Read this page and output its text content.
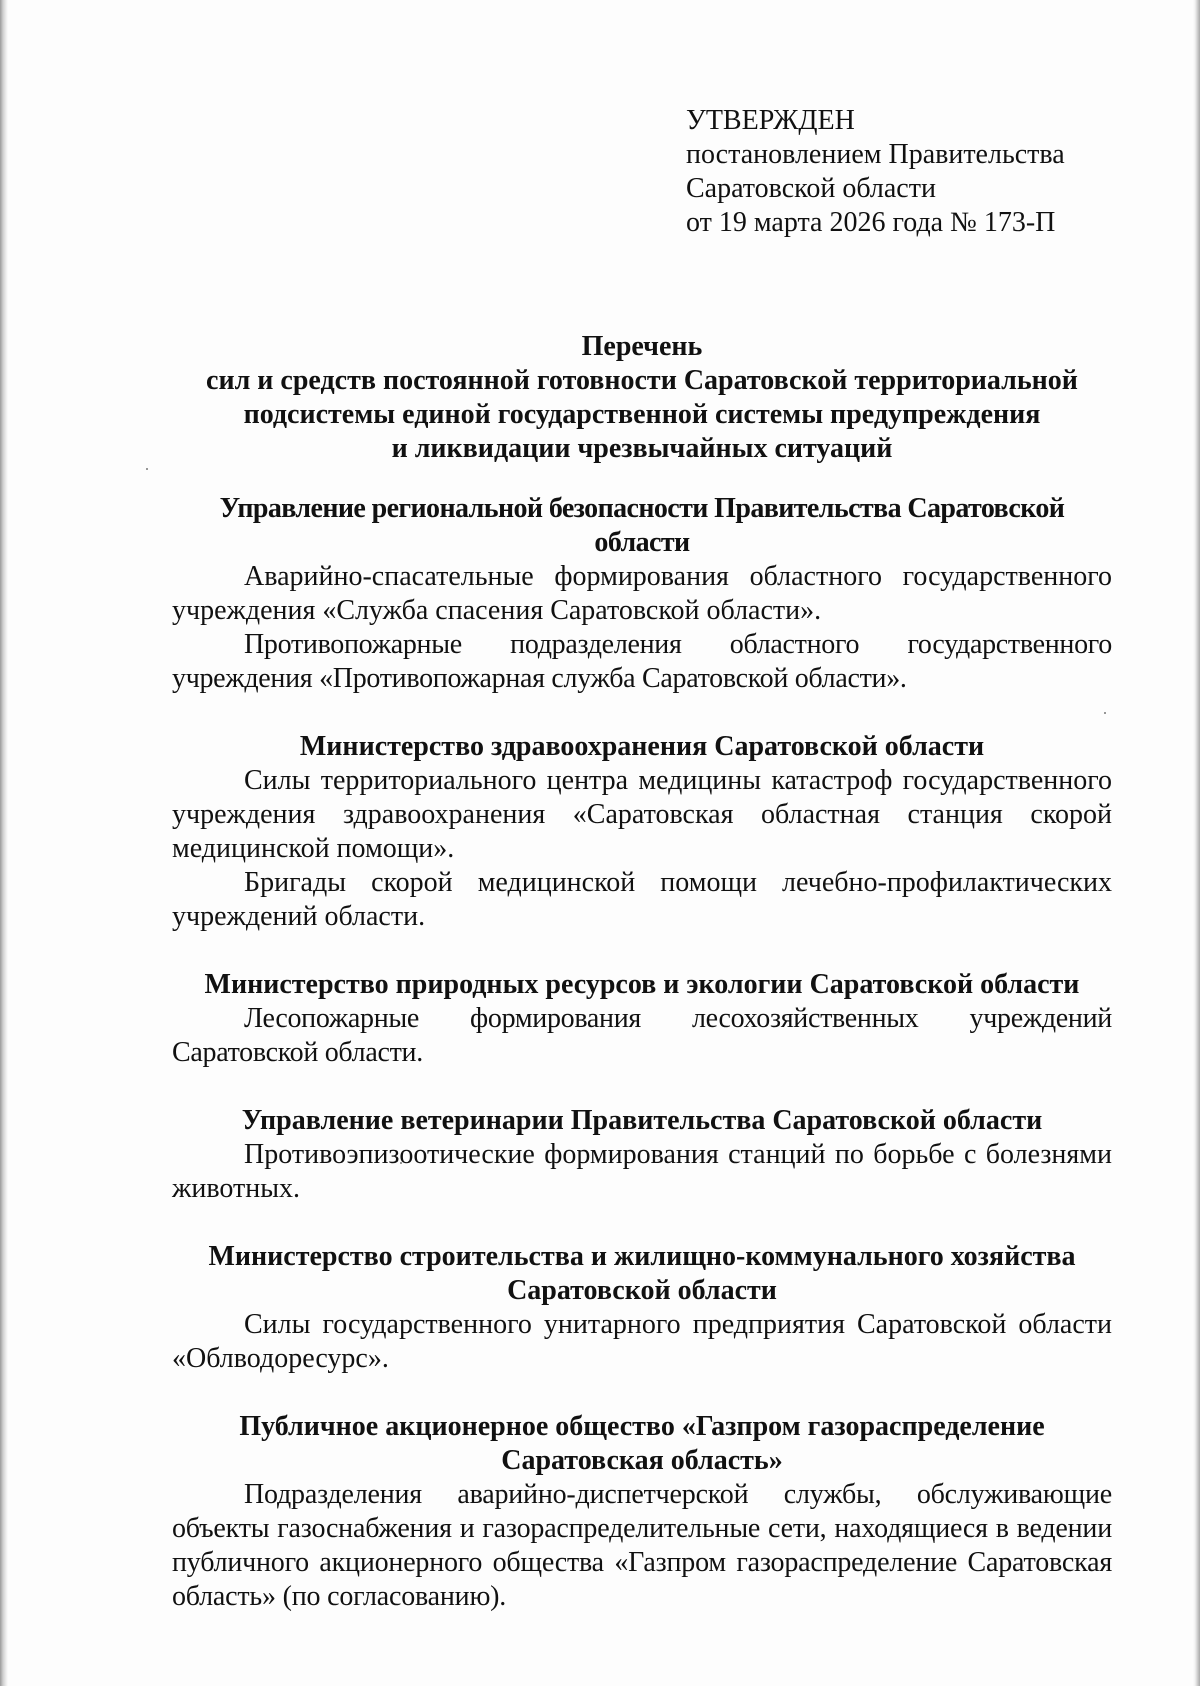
УТВЕРЖДЕН
постановлением Правительства
Саратовской области
от 19 марта 2026 года № 173-П
Перечень
сил и средств постоянной готовности Саратовской территориальной
подсистемы единой государственной системы предупреждения
и ликвидации чрезвычайных ситуаций
Управление региональной безопасности Правительства Саратовской области
Аварийно-спасательные формирования областного государственного учреждения «Служба спасения Саратовской области».
Противопожарные подразделения областного государственного учреждения «Противопожарная служба Саратовской области».
Министерство здравоохранения Саратовской области
Силы территориального центра медицины катастроф государственного учреждения здравоохранения «Саратовская областная станция скорой медицинской помощи».
Бригады скорой медицинской помощи лечебно-профилактических учреждений области.
Министерство природных ресурсов и экологии Саратовской области
Лесопожарные формирования лесохозяйственных учреждений Саратовской области.
Управление ветеринарии Правительства Саратовской области
Противоэпизоотические формирования станций по борьбе с болезнями животных.
Министерство строительства и жилищно-коммунального хозяйства
Саратовской области
Силы государственного унитарного предприятия Саратовской области «Облводоресурс».
Публичное акционерное общество «Газпром газораспределение
Саратовская область»
Подразделения аварийно-диспетчерской службы, обслуживающие объекты газоснабжения и газораспределительные сети, находящиеся в ведении публичного акционерного общества «Газпром газораспределение Саратовская область» (по согласованию).
